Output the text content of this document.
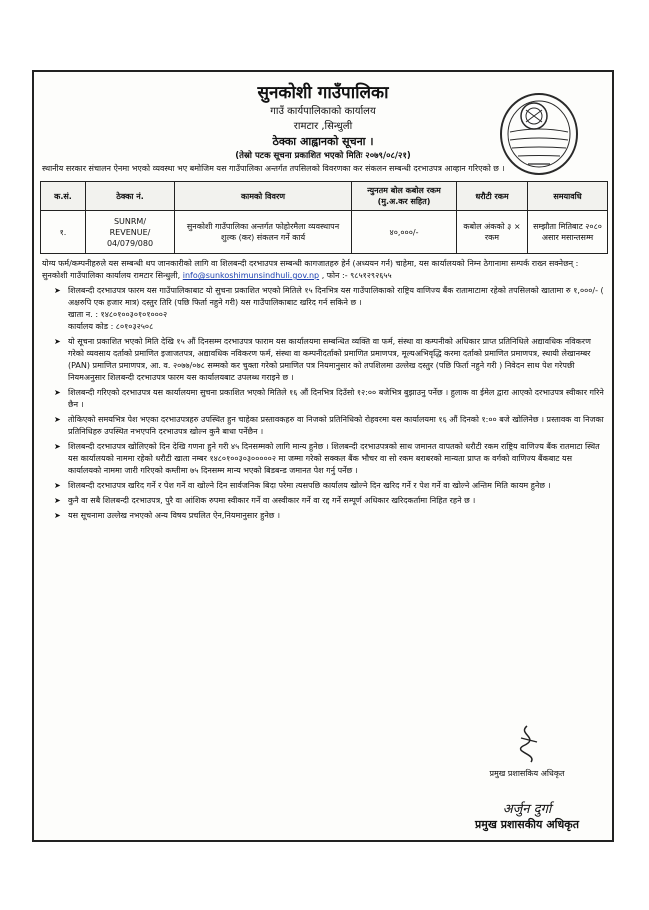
सुनकोशी गाउँपालिका
गाउँ कार्यपालिकाको कार्यालय
रामटार ,सिन्धुली
ठेक्का आह्वानको सूचना ।
(तेस्रो पटक सूचना प्रकाशित भएको मितिः २०७९/०८/२१)
स्थानीय सरकार संचालन ऐनमा भएको व्यवस्था भए बमोजिम यस गाउँपालिका अन्तर्गत तपसिलको विवरणका कर संकलन सम्बन्धी दरभाउपत्र आव्हान गरिएको छ ।
क.सं.	ठेक्का नं.	कामको विवरण	न्युनतम बोल कबोल रकम (मु.अ.कर सहित)	धरौटी रकम	समयावधि
१.	SUNRM/
REVENUE/
04/079/080	सुनकोशी गाउँपालिका अन्तर्गत फोहोरमैला व्यवस्थापन शुल्क (कर) संकलन गर्ने कार्य	४०,०००/-	कबोल अंकको ३ × रकम	सम्झौता मितिबाट २०८० असार मसान्तसम्म
योग्य फर्म/कम्पनीहरुले यस सम्बन्धी थप जानकारीको लागि वा शिलबन्दी दरभाउपत्र सम्बन्धी कागजातहरु हेर्न (अध्ययन गर्न) चाहेमा, यस कार्यालयको निम्न ठेगानामा सम्पर्क राख्न सक्नेछन् : सुनकोशी गाउँपालिका कार्यालय रामटार सिन्धुली, info@sunkoshimunsindhuli.gov.np , फोन :- ९८५१२९२६५५
➤ शिलबन्दी दरभाउपत्र फारम यस गाउँपालिकाबाट यो सुचना प्रकाशित भएको मितिले १५ दिनभित्र यस गाउँपालिकाको राष्ट्रिय वाणिज्य बैंक रातामाटामा रहेको तपसिलको खातामा रु १,०००/- ( अक्षरुपि एक हजार मात्र) दस्तुर तिरि (पछि फिर्ता नहुने गरी) यस गाउँपालिकाबाट खरिद गर्न सकिने छ ।
खाता न. : १४८०१००३०१०१०००२
कार्यालय कोड : ८०१०३२५०८
➤ यो सूचना प्रकाशित भएको मिति देखि १५ औं दिनसम्म दरभाउपत्र फाराम यस कार्यालयमा सम्बन्धित व्यक्ति वा फर्म, संस्था वा कम्पनीको अधिकार प्राप्त प्रतिनिधिले अद्यावधिक नविकरण गरेको व्यवसाय दर्ताको प्रमाणित इजाजतपत्र, अद्यावधिक नविकरण फर्म, संस्था वा कम्पनीदर्ताको प्रमाणित प्रमाणपत्र, मूल्यअभिवृद्धि करमा दर्ताको प्रमाणित प्रमाणपत्र, स्थायी लेखानम्बर (PAN) प्रमाणित प्रमाणपत्र, आ. व. २०७७/०७८ सम्मको कर चुक्ता गरेको प्रमाणित पत्र नियमानुसार को तपशिलमा उल्लेख दस्तुर (पछि फिर्ता नहुने गरी ) निवेदन साथ पेश गरेपछी नियमअनुसार शिलबन्दी दरभाउपत्र फारम यस कार्यालयबाट उपलब्ध गराइने छ ।
➤ शिलबन्दी गरिएको दरभाउपत्र यस कार्यालयमा सुचना प्रकाशित भएको मितिले १६ औं दिनभित्र दिउँसो १२:०० बजेभित्र बुझाउनु पर्नेछ । हुलाक वा ईमेल द्वारा आएको दरभाउपत्र स्वीकार गरिने छैन ।
➤ तोकिएको समयभित्र पेश भएका दरभाउपत्रहरु उपस्थित हुन चाहेका प्रस्तावकहरु वा निजको प्रतिनिधिको रोहवरमा यस कार्यालयमा १६ औं दिनको १:०० बजे खोलिनेछ । प्रस्तावक वा निजका प्रतिनिधिहरु उपस्थित नभएपनि दरभाउपत्र खोल्न कुनै बाधा पर्नेछैन ।
➤ शिलबन्दी दरभाउपत्र खोलिएको दिन देखि गणना हुने गरी ४५ दिनसम्मको लागि मान्य हुनेछ । शिलबन्दी दरभाउपत्रको साथ जमानत वापतको धरौटी रकम राष्ट्रिय वाणिज्य बैंक रातमाटा स्थित यस कार्यालयको नाममा रहेको धरौटी खाता नम्बर १४८०१००३०३०००००२ मा जम्मा गरेको सक्कल बैंक भौचर वा सो रकम बराबरको मान्यता प्राप्त क वर्गको वाणिज्य बैंकबाट यस कार्यालयको नाममा जारी गरिएको कम्तीमा ७५ दिनसम्म मान्य भएको बिडबन्ड जमानत पेश गर्नु पर्नेछ ।
➤ शिलबन्दी दरभाउपत्र खरिद गर्ने र पेश गर्ने वा खोल्ने दिन सार्वजनिक बिदा परेमा त्यसपछि कार्यालय खोल्ने दिन खरिद गर्ने र पेश गर्ने वा खोल्ने अन्तिम मिति कायम हुनेछ ।
➤ कुनै वा सबै शिलबन्दी दरभाउपत्र, पुरै वा आंशिक रुपमा स्वीकार गर्ने वा अस्वीकार गर्ने वा रद्द गर्ने सम्पूर्ण अधिकार खरिदकर्तामा निहित रहने छ ।
➤ यस सूचनामा उल्लेख नभएको अन्य विषय प्रचलित ऐन,नियमानुसार हुनेछ ।
प्रमुख प्रशासकिय अधिकृत
अर्जुन दुर्गा
प्रमुख प्रशासकीय अधिकृत
